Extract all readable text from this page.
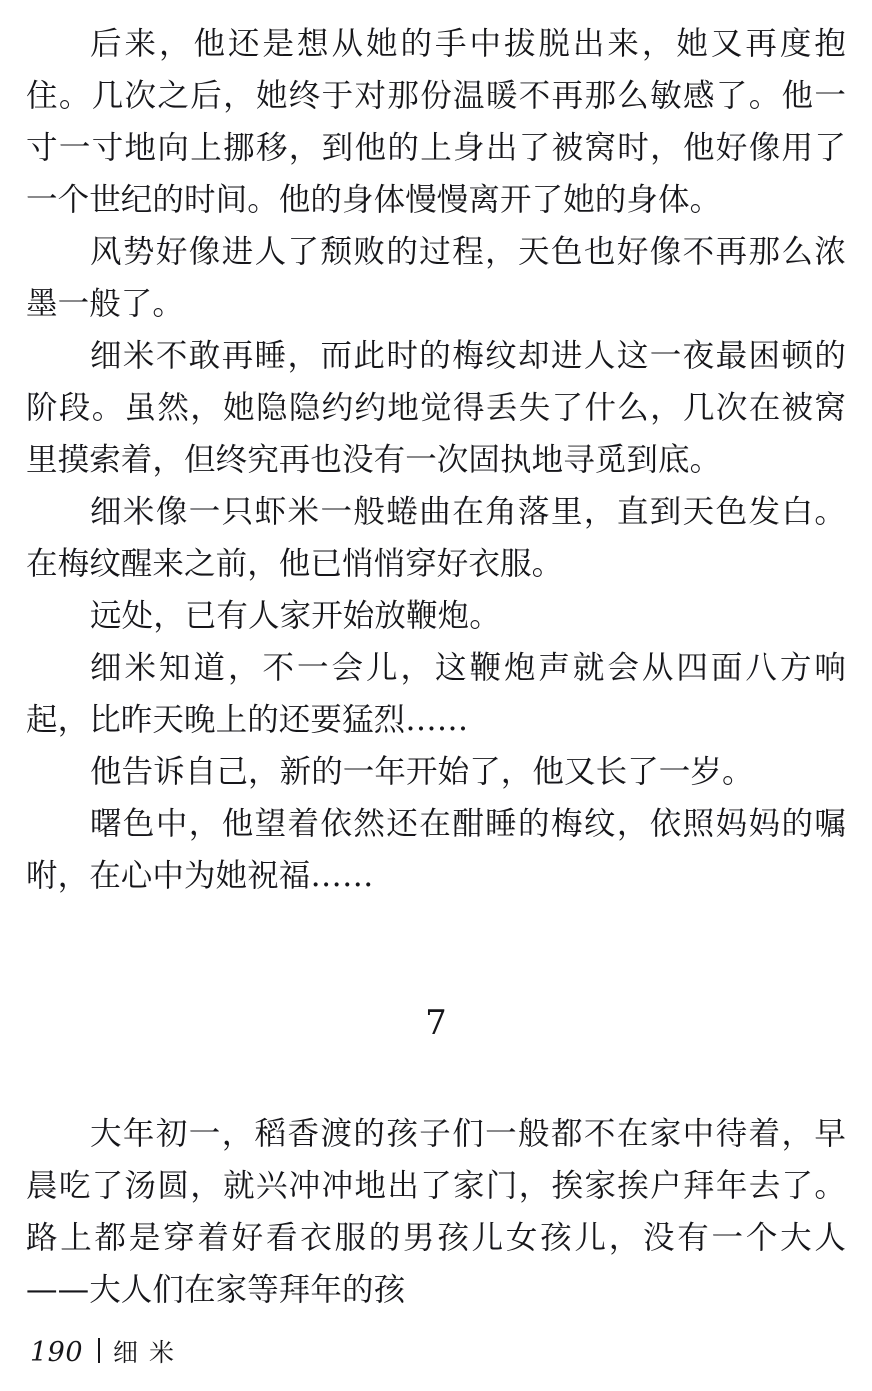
后来，他还是想从她的手中拔脱出来，她又再度抱住。几次之后，她终于对那份温暖不再那么敏感了。他一寸一寸地向上挪移，到他的上身出了被窝时，他好像用了一个世纪的时间。他的身体慢慢离开了她的身体。

风势好像进人了颓败的过程，天色也好像不再那么浓墨一般了。

细米不敢再睡，而此时的梅纹却进人这一夜最困顿的阶段。虽然，她隐隐约约地觉得丢失了什么，几次在被窝里摸索着，但终究再也没有一次固执地寻觅到底。

细米像一只虾米一般蜷曲在角落里，直到天色发白。在梅纹醒来之前，他已悄悄穿好衣服。

远处，已有人家开始放鞭炮。

细米知道，不一会儿，这鞭炮声就会从四面八方响起，比昨天晚上的还要猛烈……

他告诉自己，新的一年开始了，他又长了一岁。

曙色中，他望着依然还在酣睡的梅纹，依照妈妈的嘱咐，在心中为她祝福……

7

大年初一，稻香渡的孩子们一般都不在家中待着，早晨吃了汤圆，就兴冲冲地出了家门，挨家挨户拜年去了。路上都是穿着好看衣服的男孩儿女孩儿，没有一个大人——大人们在家等拜年的孩

190 细米
